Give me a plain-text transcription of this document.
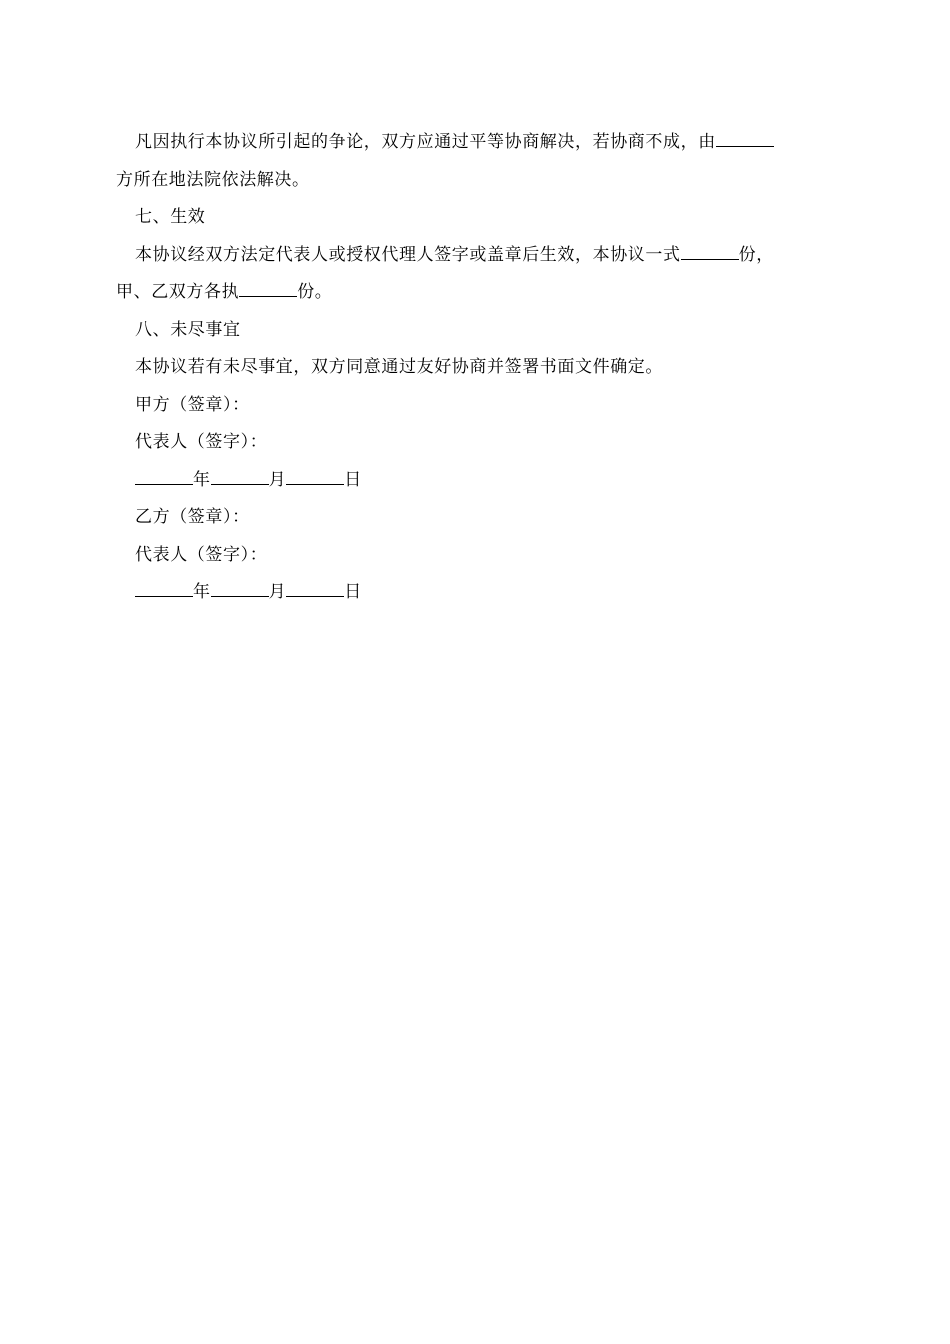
凡因执行本协议所引起的争论，双方应通过平等协商解决，若协商不成，由
方所在地法院依法解决。
七、生效
本协议经双方法定代表人或授权代理人签字或盖章后生效，本协议一式	份，
甲、乙双方各执	份。
八、未尽事宜
本协议若有未尽事宜，双方同意通过友好协商并签署书面文件确定。
甲方（签章）：
代表人（签字）：
年	月	日
乙方（签章）：
代表人（签字）：
年	月	日
